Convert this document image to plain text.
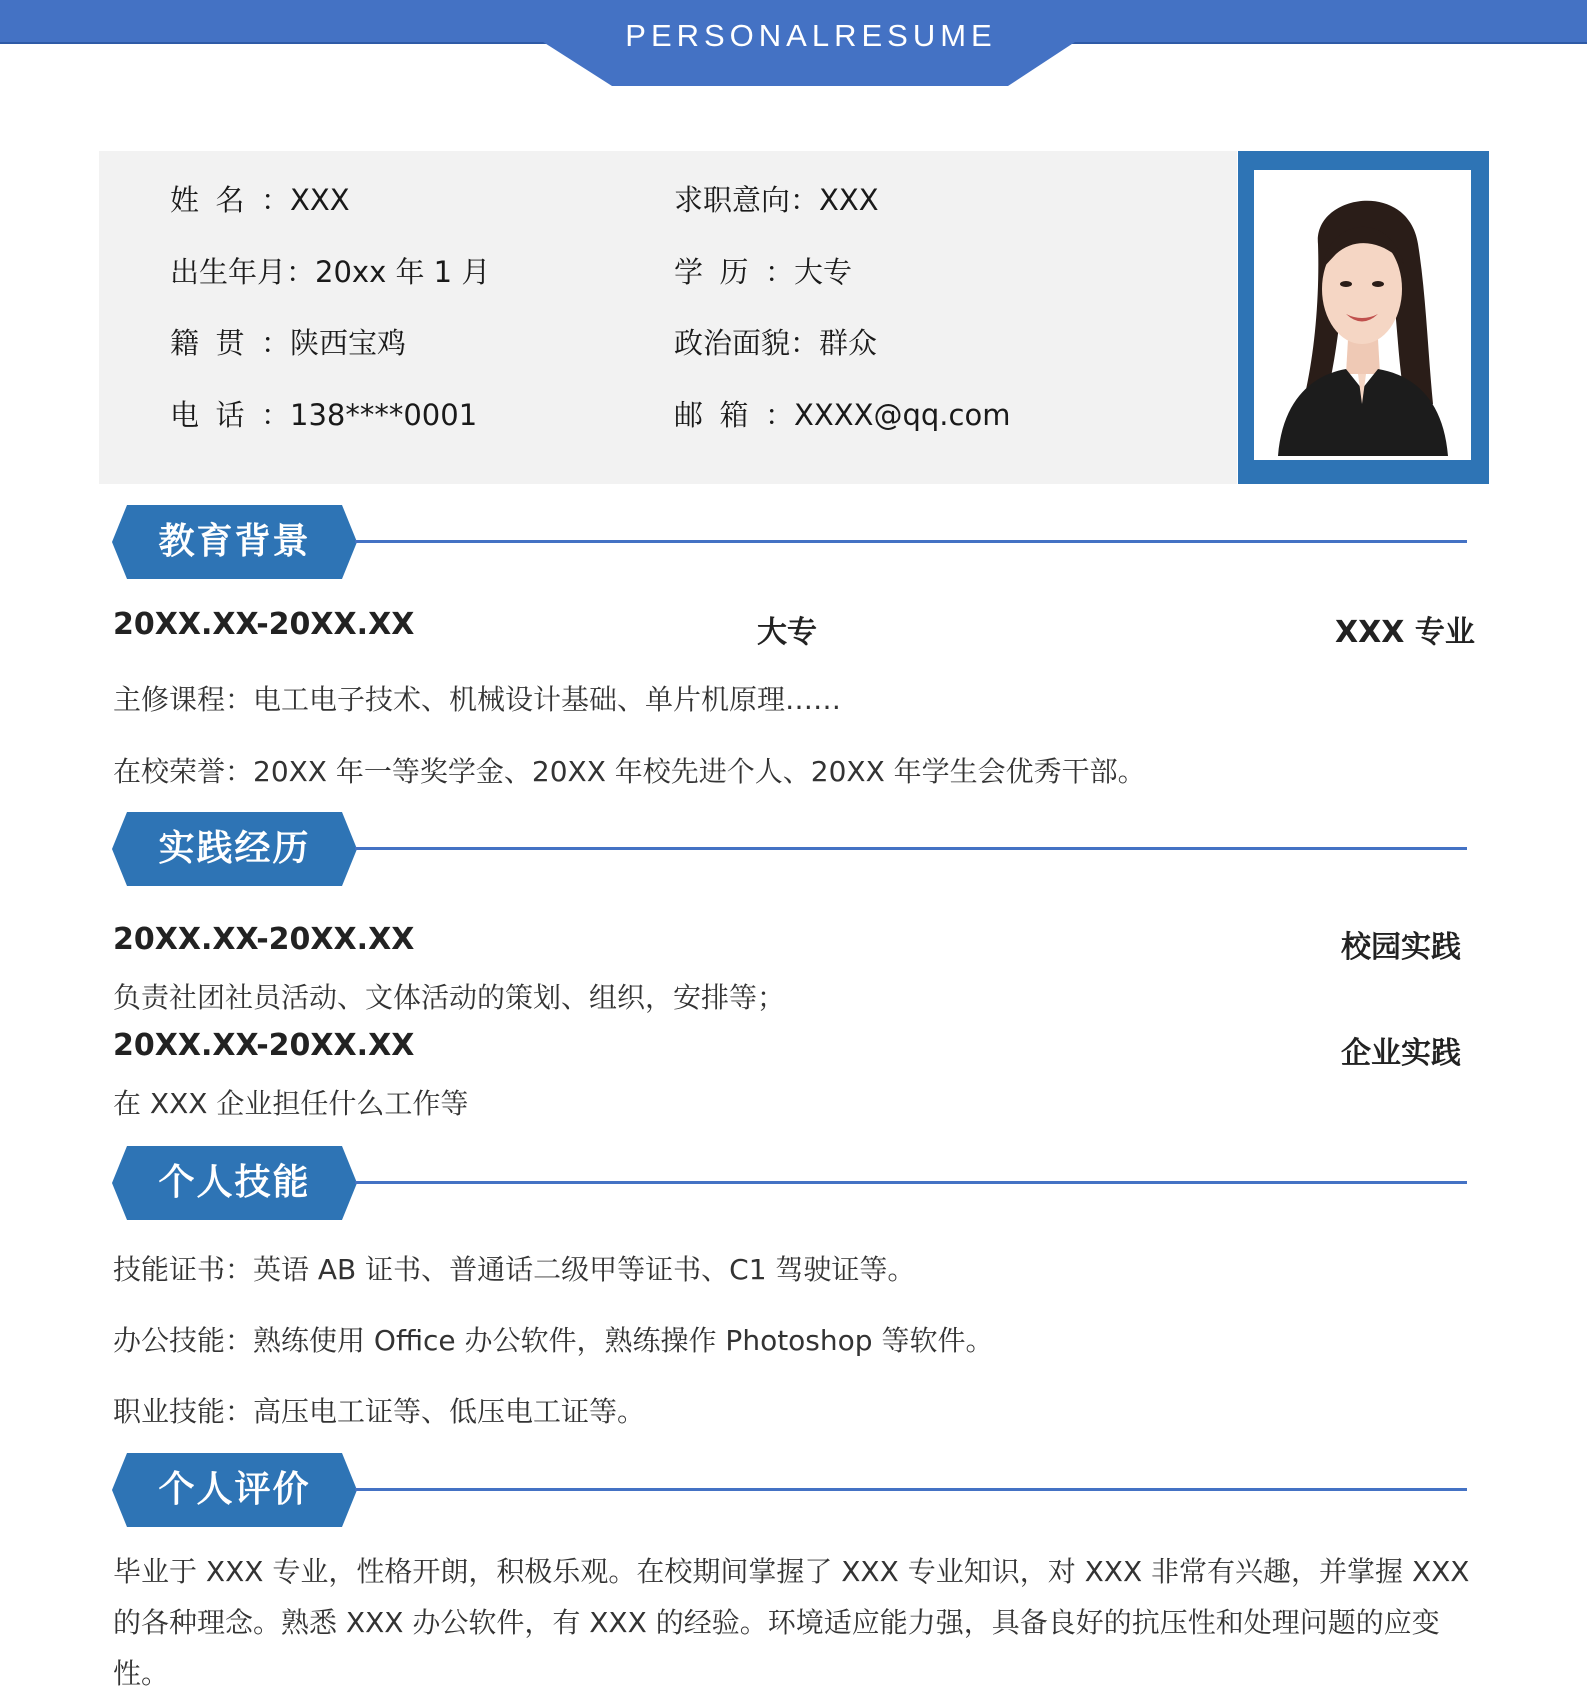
PERSONALRESUME
姓名：XXX	求职意向：XXX
出生年月：20xx 年 1 月	学历：大专
籍贯：陕西宝鸡	政治面貌：群众
电话：138****0001	邮箱：XXXX@qq.com
教育背景
20XX.XX-20XX.XX	大专	XXX 专业
主修课程：电工电子技术、机械设计基础、单片机原理……
在校荣誉：20XX 年一等奖学金、20XX 年校先进个人、20XX 年学生会优秀干部。
实践经历
20XX.XX-20XX.XX	校园实践
负责社团社员活动、文体活动的策划、组织，安排等；
20XX.XX-20XX.XX	企业实践
在 XXX 企业担任什么工作等
个人技能
技能证书：英语 AB 证书、普通话二级甲等证书、C1 驾驶证等。
办公技能：熟练使用 Office 办公软件，熟练操作 Photoshop 等软件。
职业技能：高压电工证等、低压电工证等。
个人评价
毕业于 XXX 专业，性格开朗，积极乐观。在校期间掌握了 XXX 专业知识，对 XXX 非常有兴趣，并掌握 XXX 的各种理念。熟悉 XXX 办公软件，有 XXX 的经验。环境适应能力强，具备良好的抗压性和处理问题的应变性。
